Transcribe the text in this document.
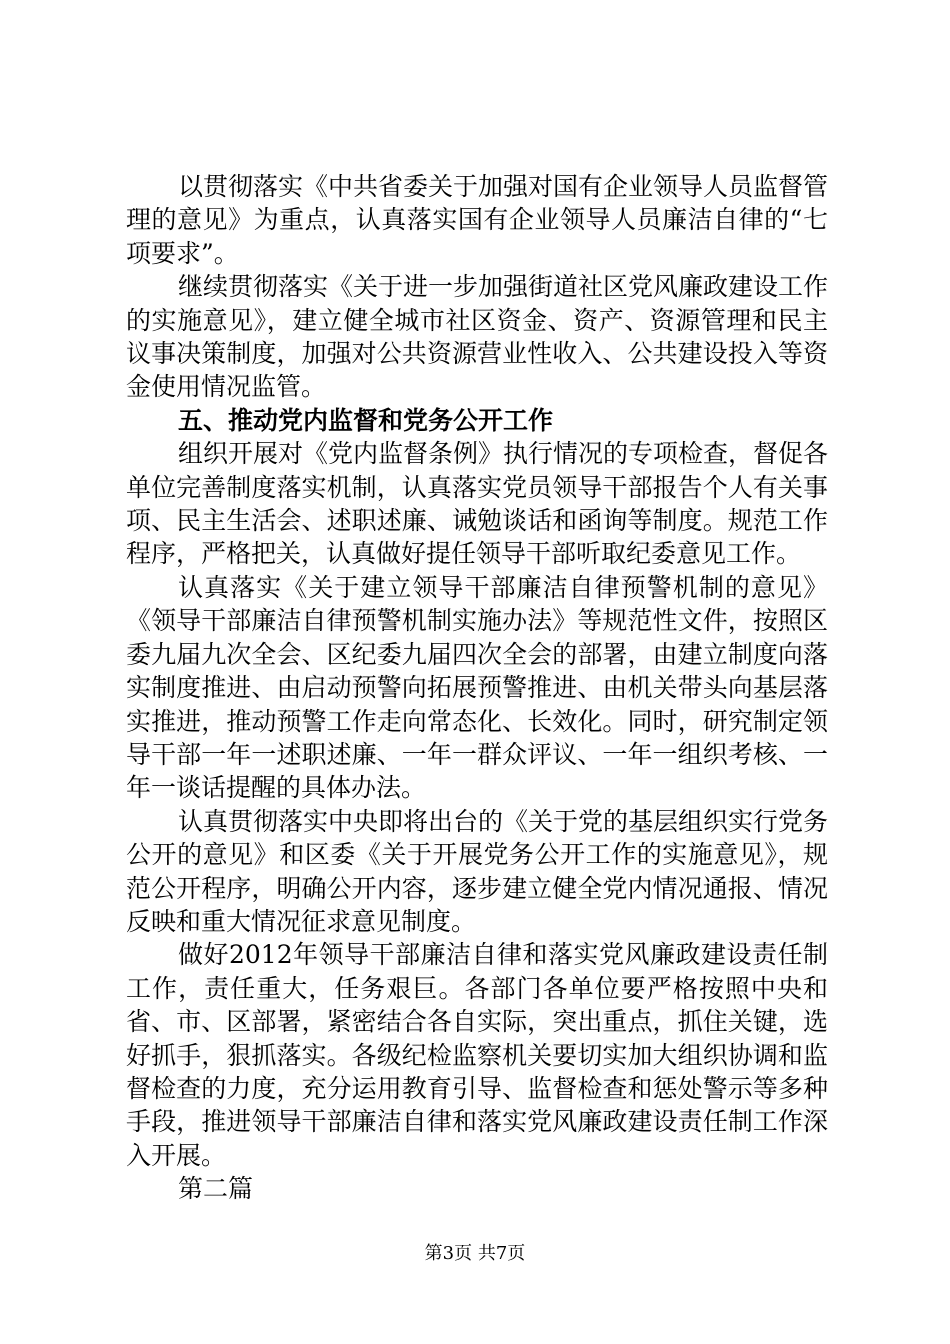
以贯彻落实《中共省委关于加强对国有企业领导人员监督管理的意见》为重点，认真落实国有企业领导人员廉洁自律的“七项要求”。

继续贯彻落实《关于进一步加强街道社区党风廉政建设工作的实施意见》，建立健全城市社区资金、资产、资源管理和民主议事决策制度，加强对公共资源营业性收入、公共建设投入等资金使用情况监管。

五、推动党内监督和党务公开工作

组织开展对《党内监督条例》执行情况的专项检查，督促各单位完善制度落实机制，认真落实党员领导干部报告个人有关事项、民主生活会、述职述廉、诫勉谈话和函询等制度。规范工作程序，严格把关，认真做好提任领导干部听取纪委意见工作。

认真落实《关于建立领导干部廉洁自律预警机制的意见》《领导干部廉洁自律预警机制实施办法》等规范性文件，按照区委九届九次全会、区纪委九届四次全会的部署，由建立制度向落实制度推进、由启动预警向拓展预警推进、由机关带头向基层落实推进，推动预警工作走向常态化、长效化。同时，研究制定领导干部一年一述职述廉、一年一群众评议、一年一组织考核、一年一谈话提醒的具体办法。

认真贯彻落实中央即将出台的《关于党的基层组织实行党务公开的意见》和区委《关于开展党务公开工作的实施意见》，规范公开程序，明确公开内容，逐步建立健全党内情况通报、情况反映和重大情况征求意见制度。

做好2012年领导干部廉洁自律和落实党风廉政建设责任制工作，责任重大，任务艰巨。各部门各单位要严格按照中央和省、市、区部署，紧密结合各自实际，突出重点，抓住关键，选好抓手，狠抓落实。各级纪检监察机关要切实加大组织协调和监督检查的力度，充分运用教育引导、监督检查和惩处警示等多种手段，推进领导干部廉洁自律和落实党风廉政建设责任制工作深入开展。

第二篇

第3页 共7页
